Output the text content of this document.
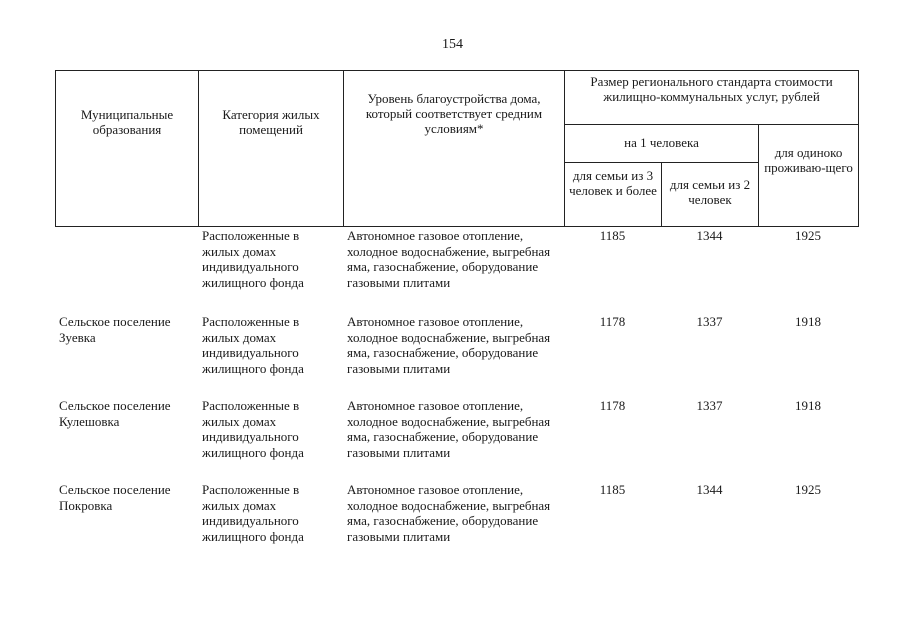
154
Муниципальные образования	Категория жилых помещений	Уровень благоустройства дома, который соответствует средним условиям*	Размер регионального стандарта стоимости жилищно-коммунальных услуг, рублей		
			на 1 человека		для одиноко проживаю-щего
			для семьи из 3 человек и более	для семьи из 2 человек	
	Расположенные в жилых домах индивидуального жилищного фонда	Автономное газовое отопление, холодное водоснабжение, выгребная яма, газоснабжение, оборудование газовыми плитами	1185	1344	1925
Сельское поселение Зуевка	Расположенные в жилых домах индивидуального жилищного фонда	Автономное газовое отопление, холодное водоснабжение, выгребная яма, газоснабжение, оборудование газовыми плитами	1178	1337	1918
Сельское поселение Кулешовка	Расположенные в жилых домах индивидуального жилищного фонда	Автономное газовое отопление, холодное водоснабжение, выгребная яма, газоснабжение, оборудование газовыми плитами	1178	1337	1918
Сельское поселение Покровка	Расположенные в жилых домах индивидуального жилищного фонда	Автономное газовое отопление, холодное водоснабжение, выгребная яма, газоснабжение, оборудование газовыми плитами	1185	1344	1925
